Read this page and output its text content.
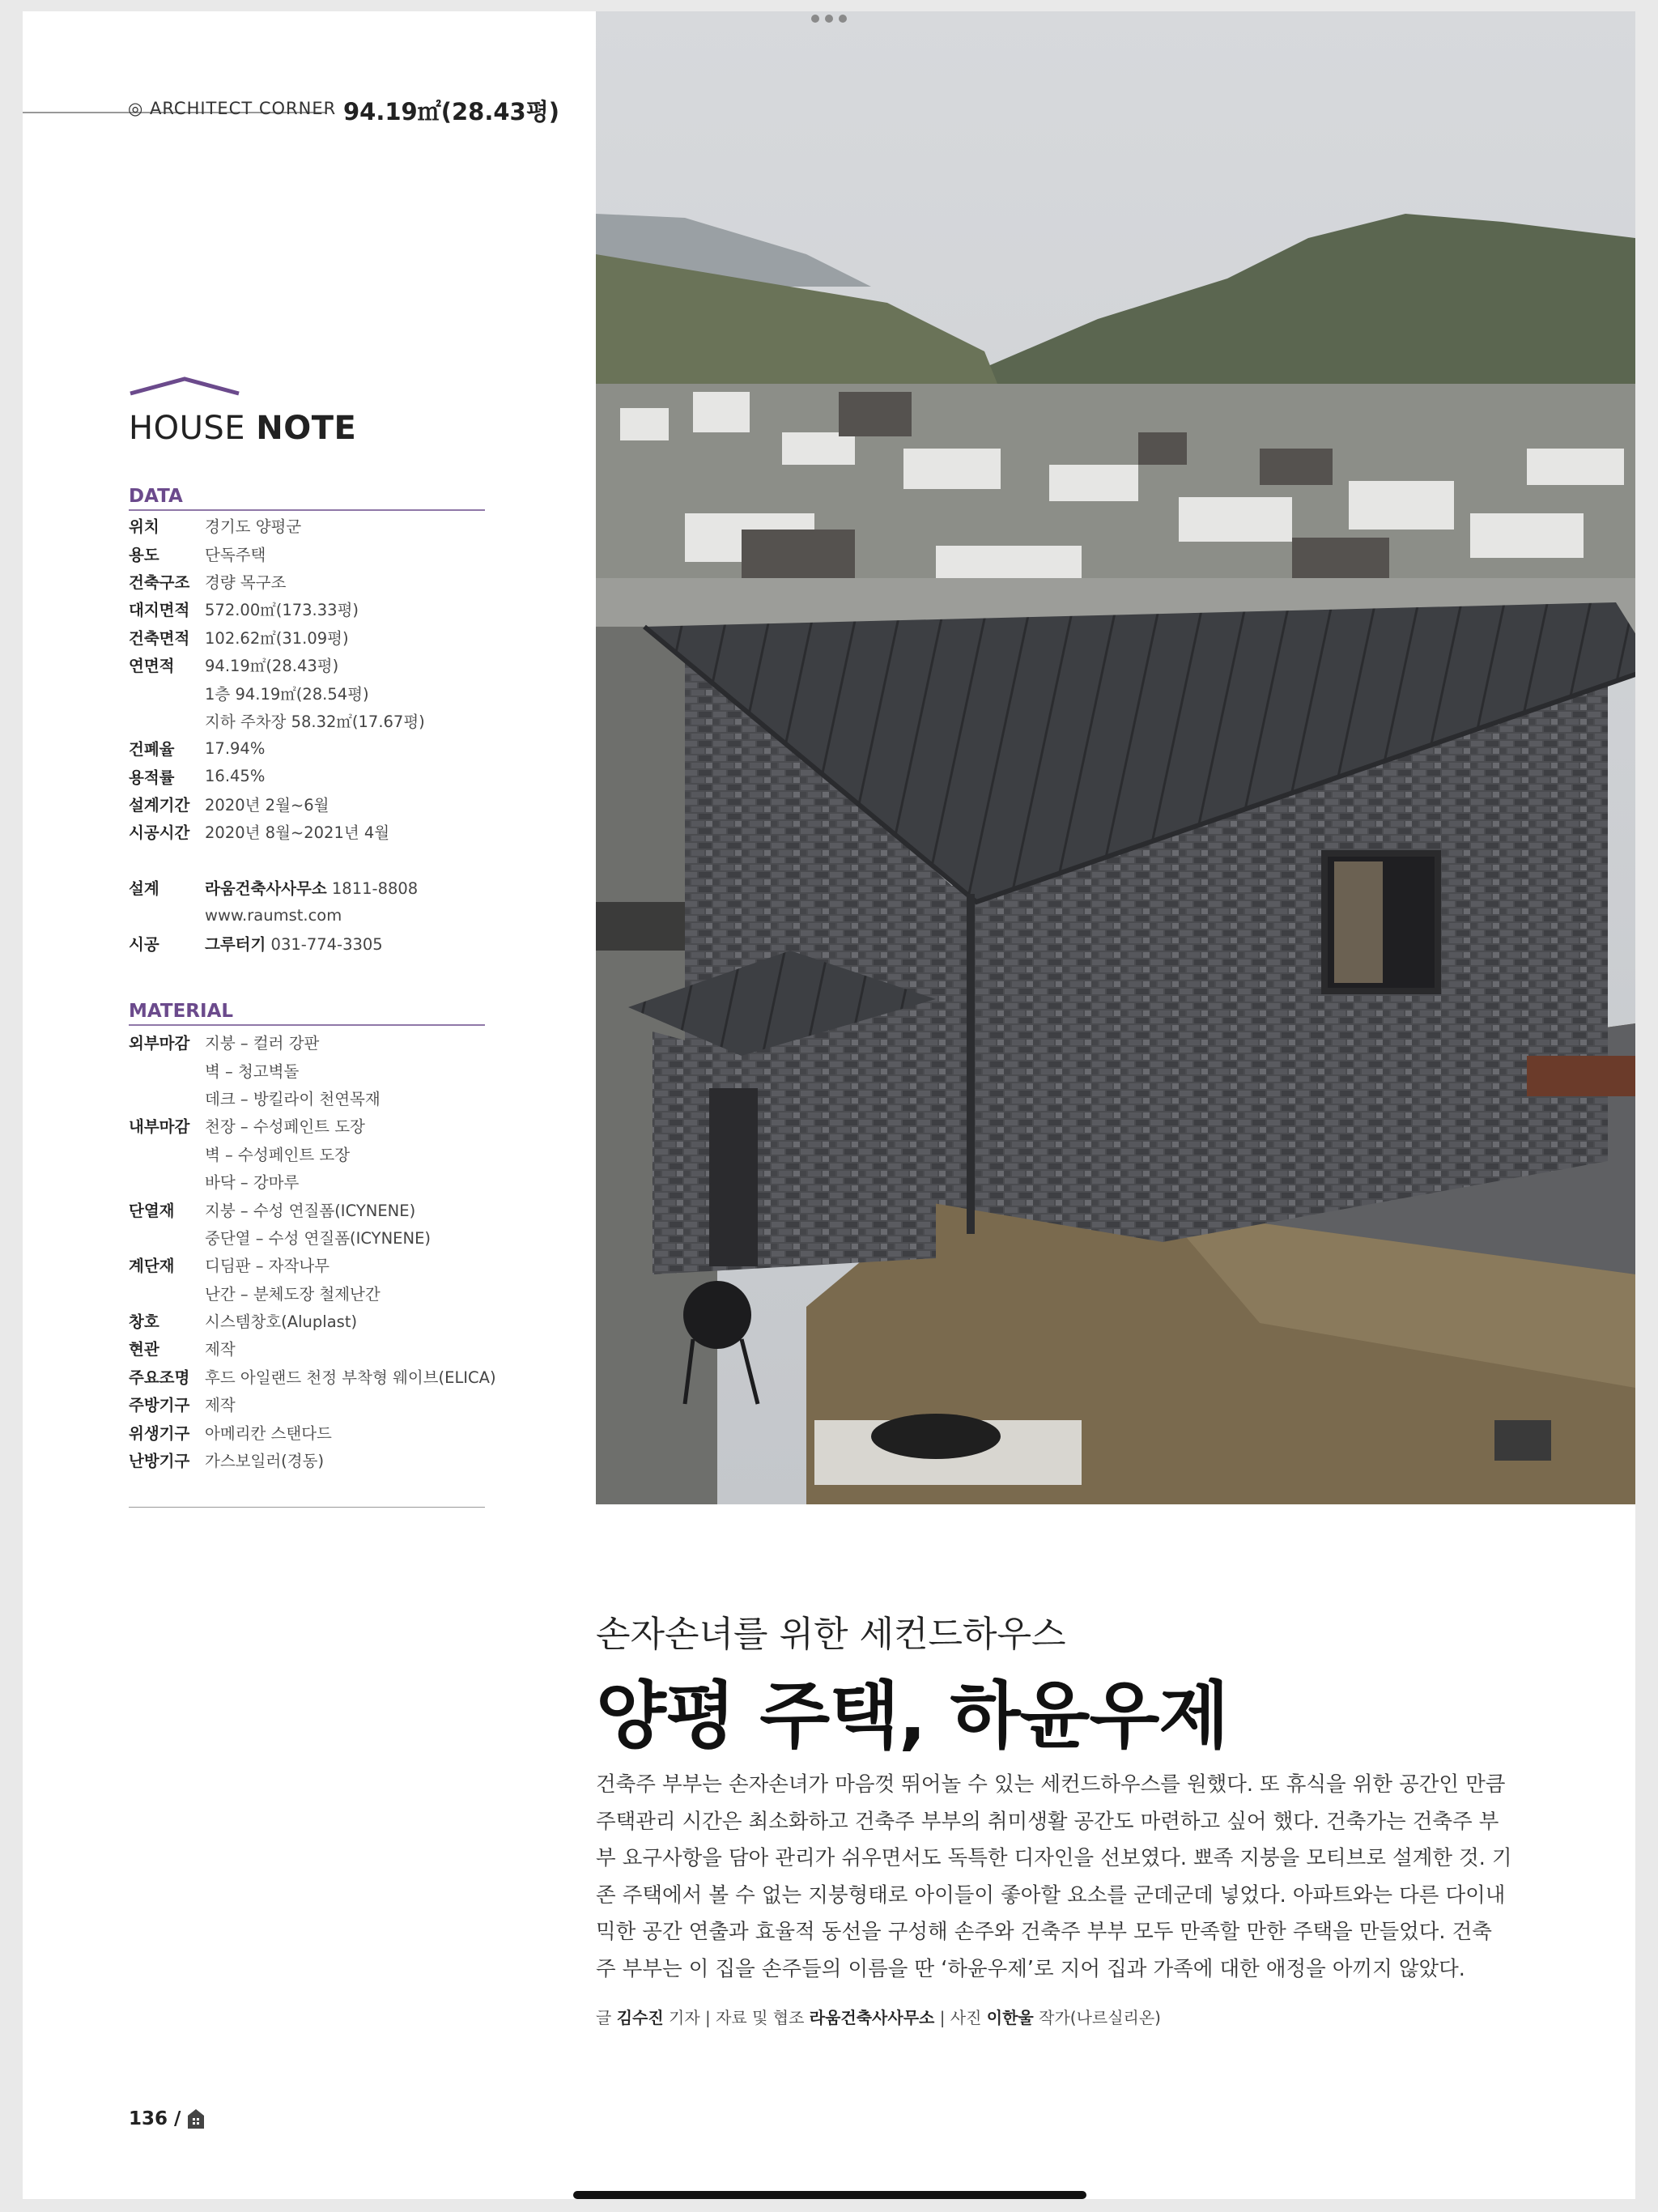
◎ ARCHITECT CORNER 94.19㎡(28.43평)
HOUSE NOTE
DATA
위치	경기도 양평군
용도	단독주택
건축구조 경량 목구조
대지면적 572.00㎡(173.33평)
건축면적 102.62㎡(31.09평)
연면적	94.19㎡(28.43평)
1층 94.19㎡(28.54평)
지하 주차장 58.32㎡(17.67평)
건폐율	17.94%
용적률	16.45%
설계기간 2020년 2월~6월
시공시간 2020년 8월~2021년 4월
설계	라움건축사사무소 1811-8808
www.raumst.com
시공	그루터기 031-774-3305
MATERIAL
외부마감 지붕 – 컬러 강판
벽 – 청고벽돌
데크 – 방킬라이 천연목재
내부마감 천장 – 수성페인트 도장
벽 – 수성페인트 도장
바닥 – 강마루
단열재	지붕 – 수성 연질폼(ICYNENE)
중단열 – 수성 연질폼(ICYNENE)
계단재	디딤판 – 자작나무
난간 – 분체도장 철제난간
창호	시스템창호(Aluplast)
현관	제작
주요조명 후드 아일랜드 천정 부착형 웨이브(ELICA)
주방기구 제작
위생기구 아메리칸 스탠다드
난방기구 가스보일러(경동)
136 /
손자손녀를 위한 세컨드하우스
양평 주택, 하윤우제

건축주 부부는 손자손녀가 마음껏 뛰어놀 수 있는 세컨드하우스를 원했다. 또 휴식을 위한 공간인 만큼

주택관리 시간은 최소화하고 건축주 부부의 취미생활 공간도 마련하고 싶어 했다. 건축가는 건축주 부

부 요구사항을 담아 관리가 쉬우면서도 독특한 디자인을 선보였다. 뾰족 지붕을 모티브로 설계한 것. 기

존 주택에서 볼 수 없는 지붕형태로 아이들이 좋아할 요소를 군데군데 넣었다. 아파트와는 다른 다이내

믹한 공간 연출과 효율적 동선을 구성해 손주와 건축주 부부 모두 만족할 만한 주택을 만들었다. 건축

주 부부는 이 집을 손주들의 이름을 딴 ‘하윤우제’로 지어 집과 가족에 대한 애정을 아끼지 않았다.

글 김수진 기자 | 자료 및 협조 라움건축사사무소 | 사진 이한울 작가(나르실리온)
